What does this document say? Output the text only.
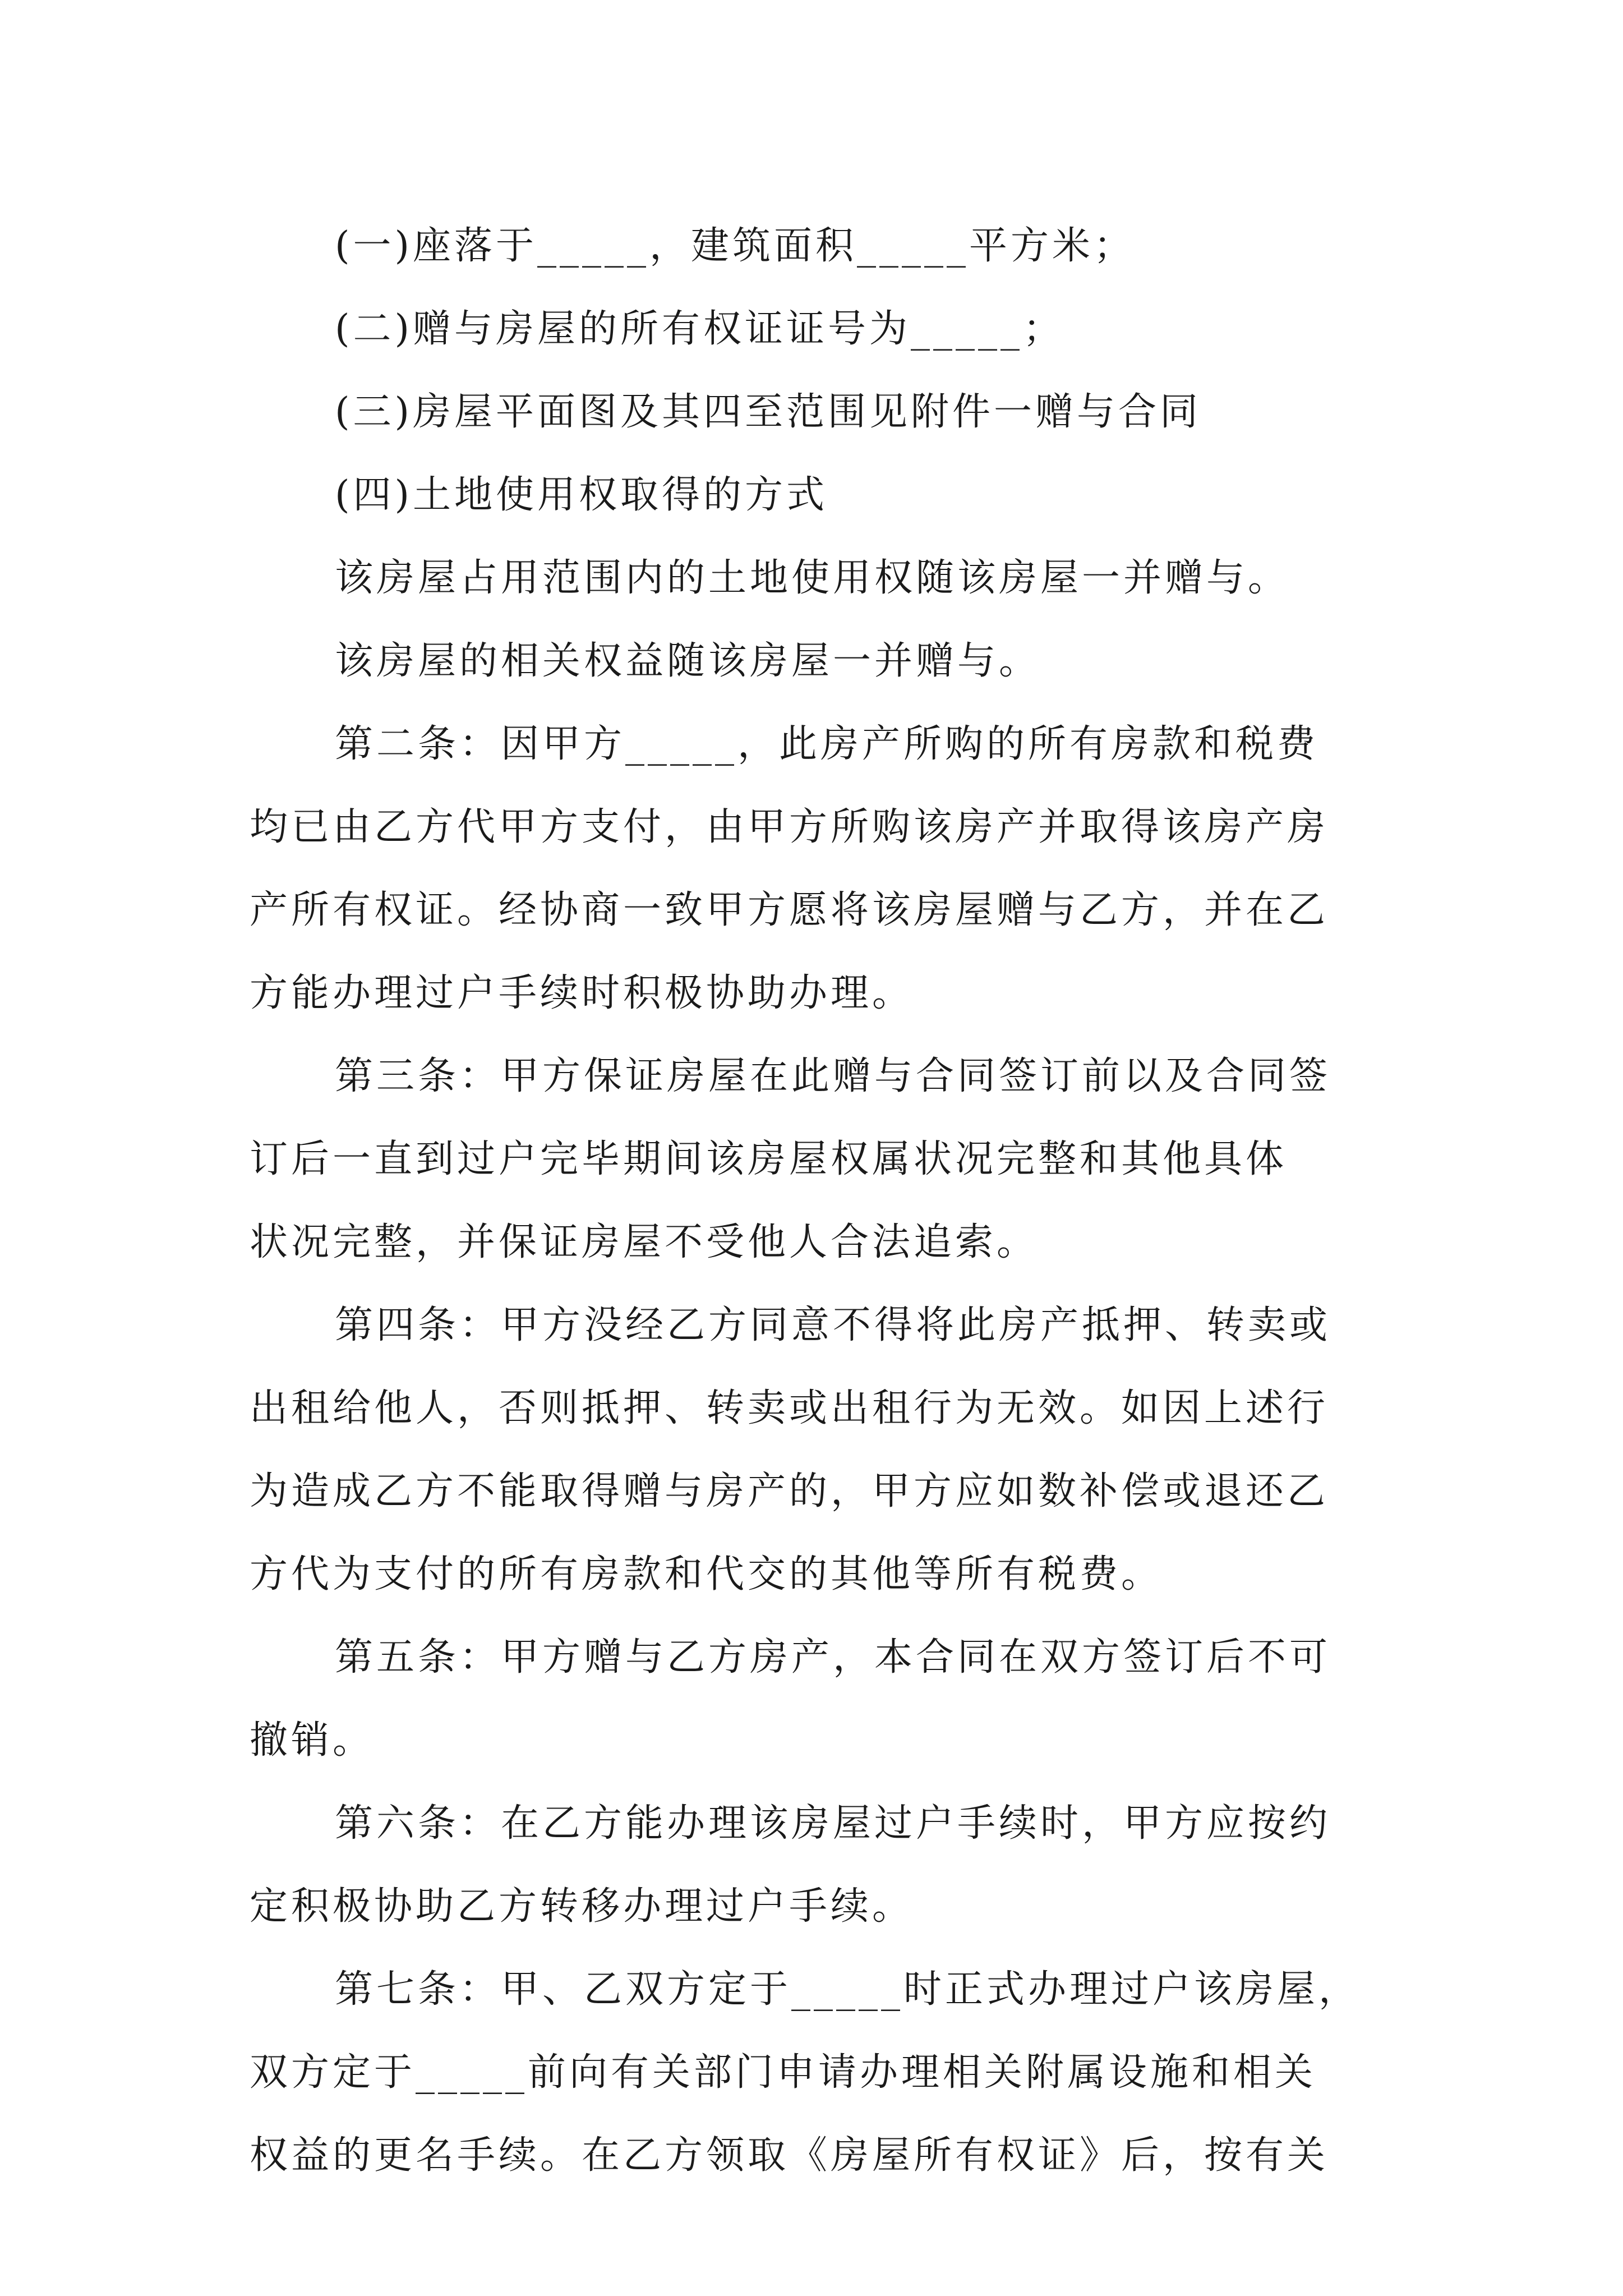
(一)座落于_____，建筑面积_____平方米；
(二)赠与房屋的所有权证证号为_____；
(三)房屋平面图及其四至范围见附件一赠与合同
(四)土地使用权取得的方式
该房屋占用范围内的土地使用权随该房屋一并赠与。
该房屋的相关权益随该房屋一并赠与。
第二条：因甲方_____，此房产所购的所有房款和税费
均已由乙方代甲方支付，由甲方所购该房产并取得该房产房
产所有权证。经协商一致甲方愿将该房屋赠与乙方，并在乙
方能办理过户手续时积极协助办理。
第三条：甲方保证房屋在此赠与合同签订前以及合同签
订后一直到过户完毕期间该房屋权属状况完整和其他具体
状况完整，并保证房屋不受他人合法追索。
第四条：甲方没经乙方同意不得将此房产抵押、转卖或
出租给他人，否则抵押、转卖或出租行为无效。如因上述行
为造成乙方不能取得赠与房产的，甲方应如数补偿或退还乙
方代为支付的所有房款和代交的其他等所有税费。
第五条：甲方赠与乙方房产，本合同在双方签订后不可
撤销。
第六条：在乙方能办理该房屋过户手续时，甲方应按约
定积极协助乙方转移办理过户手续。
第七条：甲、乙双方定于_____时正式办理过户该房屋，
双方定于_____前向有关部门申请办理相关附属设施和相关
权益的更名手续。在乙方领取《房屋所有权证》后，按有关
